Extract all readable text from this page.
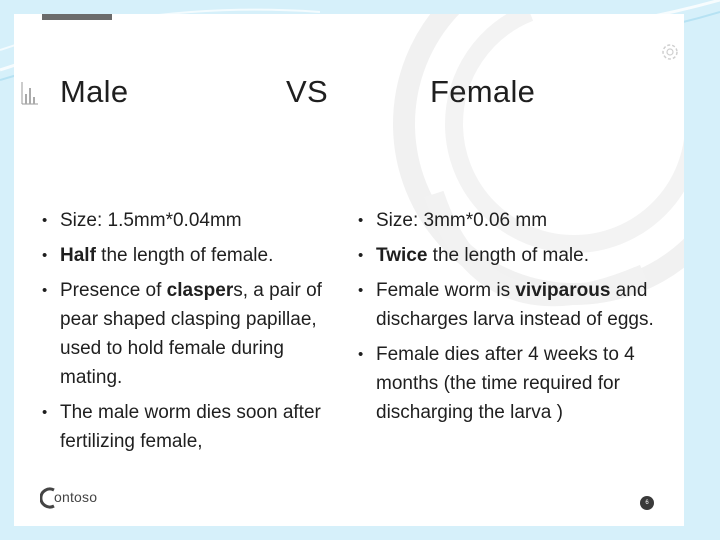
Male	VS	Female
• Size: 1.5mm*0.04mm
• Half the length of female.
• Presence of claspers, a pair of pear shaped clasping papillae, used to hold female during mating.
• The male worm dies soon after fertilizing female,
• Size: 3mm*0.06 mm
• Twice the length of male.
• Female worm is viviparous and discharges larva instead of eggs.
• Female dies after 4 weeks to 4 months (the time required for discharging the larva )
ontoso	6
